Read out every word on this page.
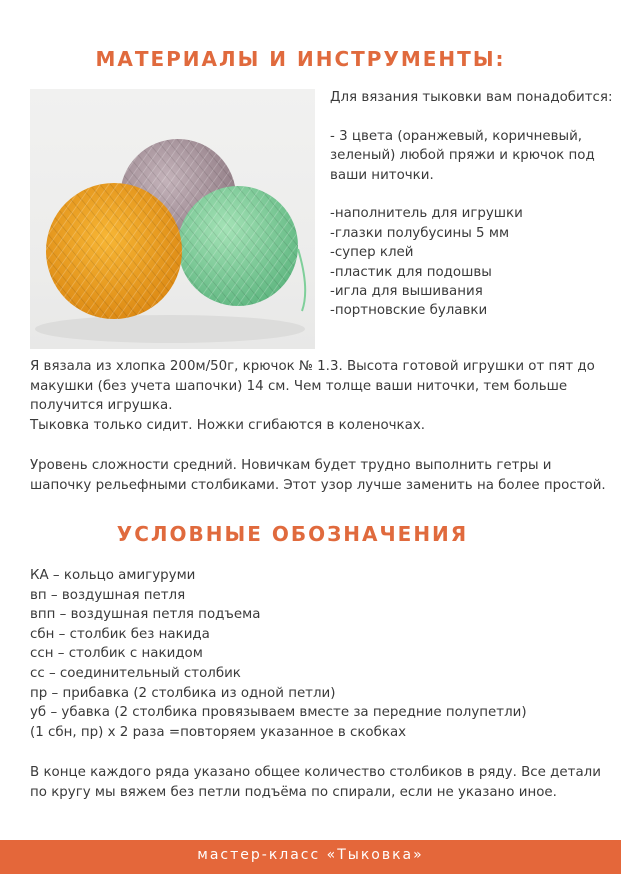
МАТЕРИАЛЫ И ИНСТРУМЕНТЫ:
Для вязания тыковки вам понадобится:
- 3 цвета (оранжевый, коричневый,
зеленый) любой пряжи и крючок под
ваши ниточки.
-наполнитель для игрушки
-глазки полубусины 5 мм
-супер клей
-пластик для подошвы
-игла для вышивания
-портновские булавки
Я вязала из хлопка 200м/50г, крючок № 1.3. Высота готовой игрушки от пят до
макушки (без учета шапочки) 14 см. Чем толще ваши ниточки, тем больше
получится игрушка.
Тыковка только сидит. Ножки сгибаются в коленочках.
Уровень сложности средний. Новичкам будет трудно выполнить гетры и
шапочку рельефными столбиками. Этот узор лучше заменить на более простой.
УСЛОВНЫЕ ОБОЗНАЧЕНИЯ
КА – кольцо амигуруми
вп – воздушная петля
впп – воздушная петля подъема
сбн – столбик без накида
ссн – столбик с накидом
сс – соединительный столбик
пр – прибавка (2 столбика из одной петли)
уб – убавка (2 столбика провязываем вместе за передние полупетли)
(1 сбн, пр) х 2 раза =повторяем указанное в скобках
В конце каждого ряда указано общее количество столбиков в ряду. Все детали
по кругу мы вяжем без петли подъёма по спирали, если не указано иное.
мастер-класс «Тыковка»
